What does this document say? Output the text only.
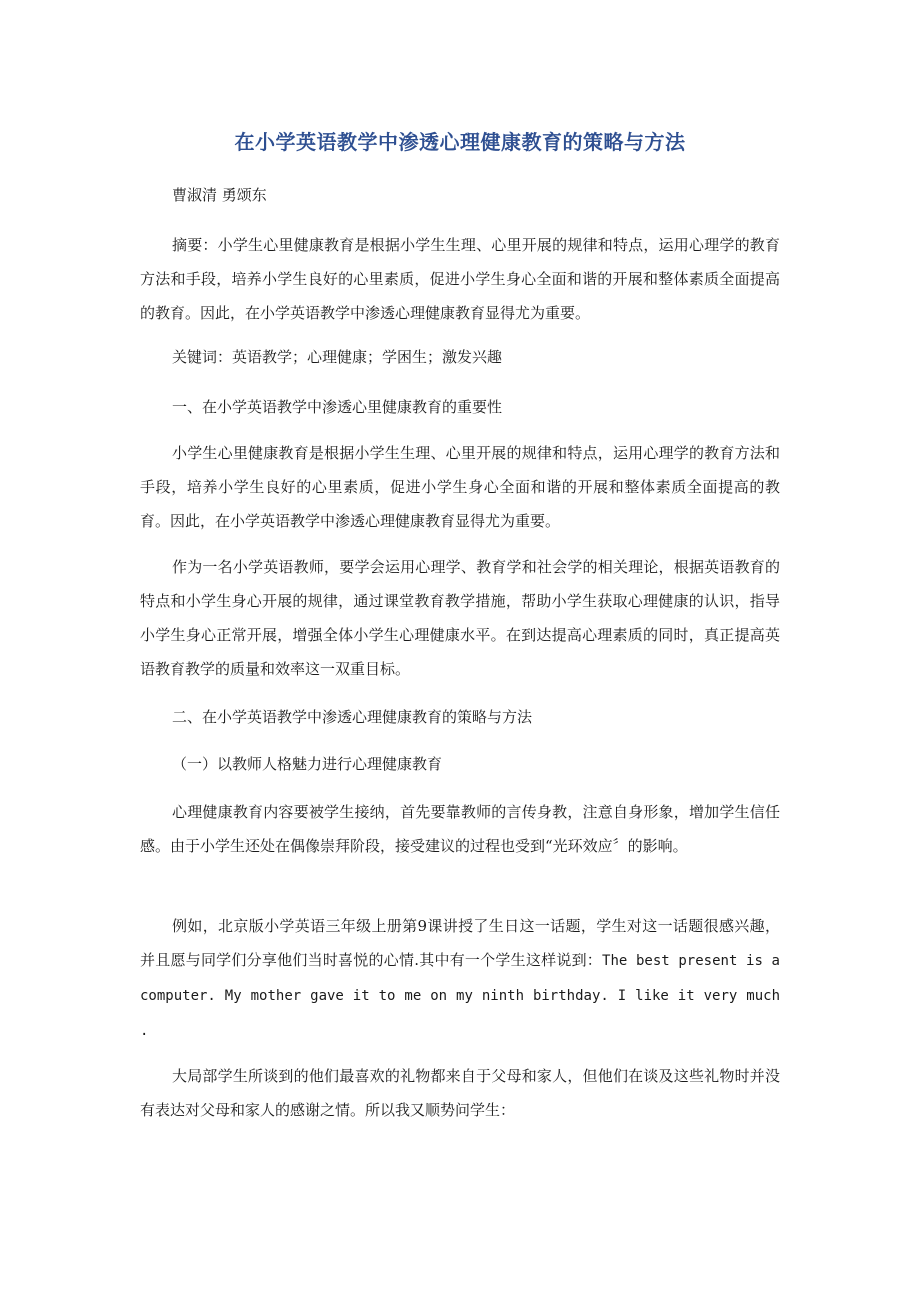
在小学英语教学中渗透心理健康教育的策略与方法
曹淑清 勇颂东
摘要：小学生心里健康教育是根据小学生生理、心里开展的规律和特点，运用心理学的教育方法和手段，培养小学生良好的心里素质，促进小学生身心全面和谐的开展和整体素质全面提高的教育。因此，在小学英语教学中渗透心理健康教育显得尤为重要。
关键词：英语教学；心理健康；学困生；激发兴趣
一、在小学英语教学中渗透心里健康教育的重要性
小学生心里健康教育是根据小学生生理、心里开展的规律和特点，运用心理学的教育方法和手段，培养小学生良好的心里素质，促进小学生身心全面和谐的开展和整体素质全面提高的教育。因此，在小学英语教学中渗透心理健康教育显得尤为重要。
作为一名小学英语教师，要学会运用心理学、教育学和社会学的相关理论，根据英语教育的特点和小学生身心开展的规律，通过课堂教育教学措施，帮助小学生获取心理健康的认识，指导小学生身心正常开展，增强全体小学生心理健康水平。在到达提高心理素质的同时，真正提高英语教育教学的质量和效率这一双重目标。
二、在小学英语教学中渗透心理健康教育的策略与方法
（一）以教师人格魅力进行心理健康教育
心理健康教育内容要被学生接纳，首先要靠教师的言传身教，注意自身形象，增加学生信任感。由于小学生还处在偶像崇拜阶段，接受建议的过程也受到“光环效应〞的影响。
例如，北京版小学英语三年级上册第9课讲授了生日这一话题，学生对这一话题很感兴趣，并且愿与同学们分享他们当时喜悦的心情.其中有一个学生这样说到：The best present is a computer. My mother gave it to me on my ninth birthday. I like it very much .
大局部学生所谈到的他们最喜欢的礼物都来自于父母和家人，但他们在谈及这些礼物时并没有表达对父母和家人的感谢之情。所以我又顺势问学生：
